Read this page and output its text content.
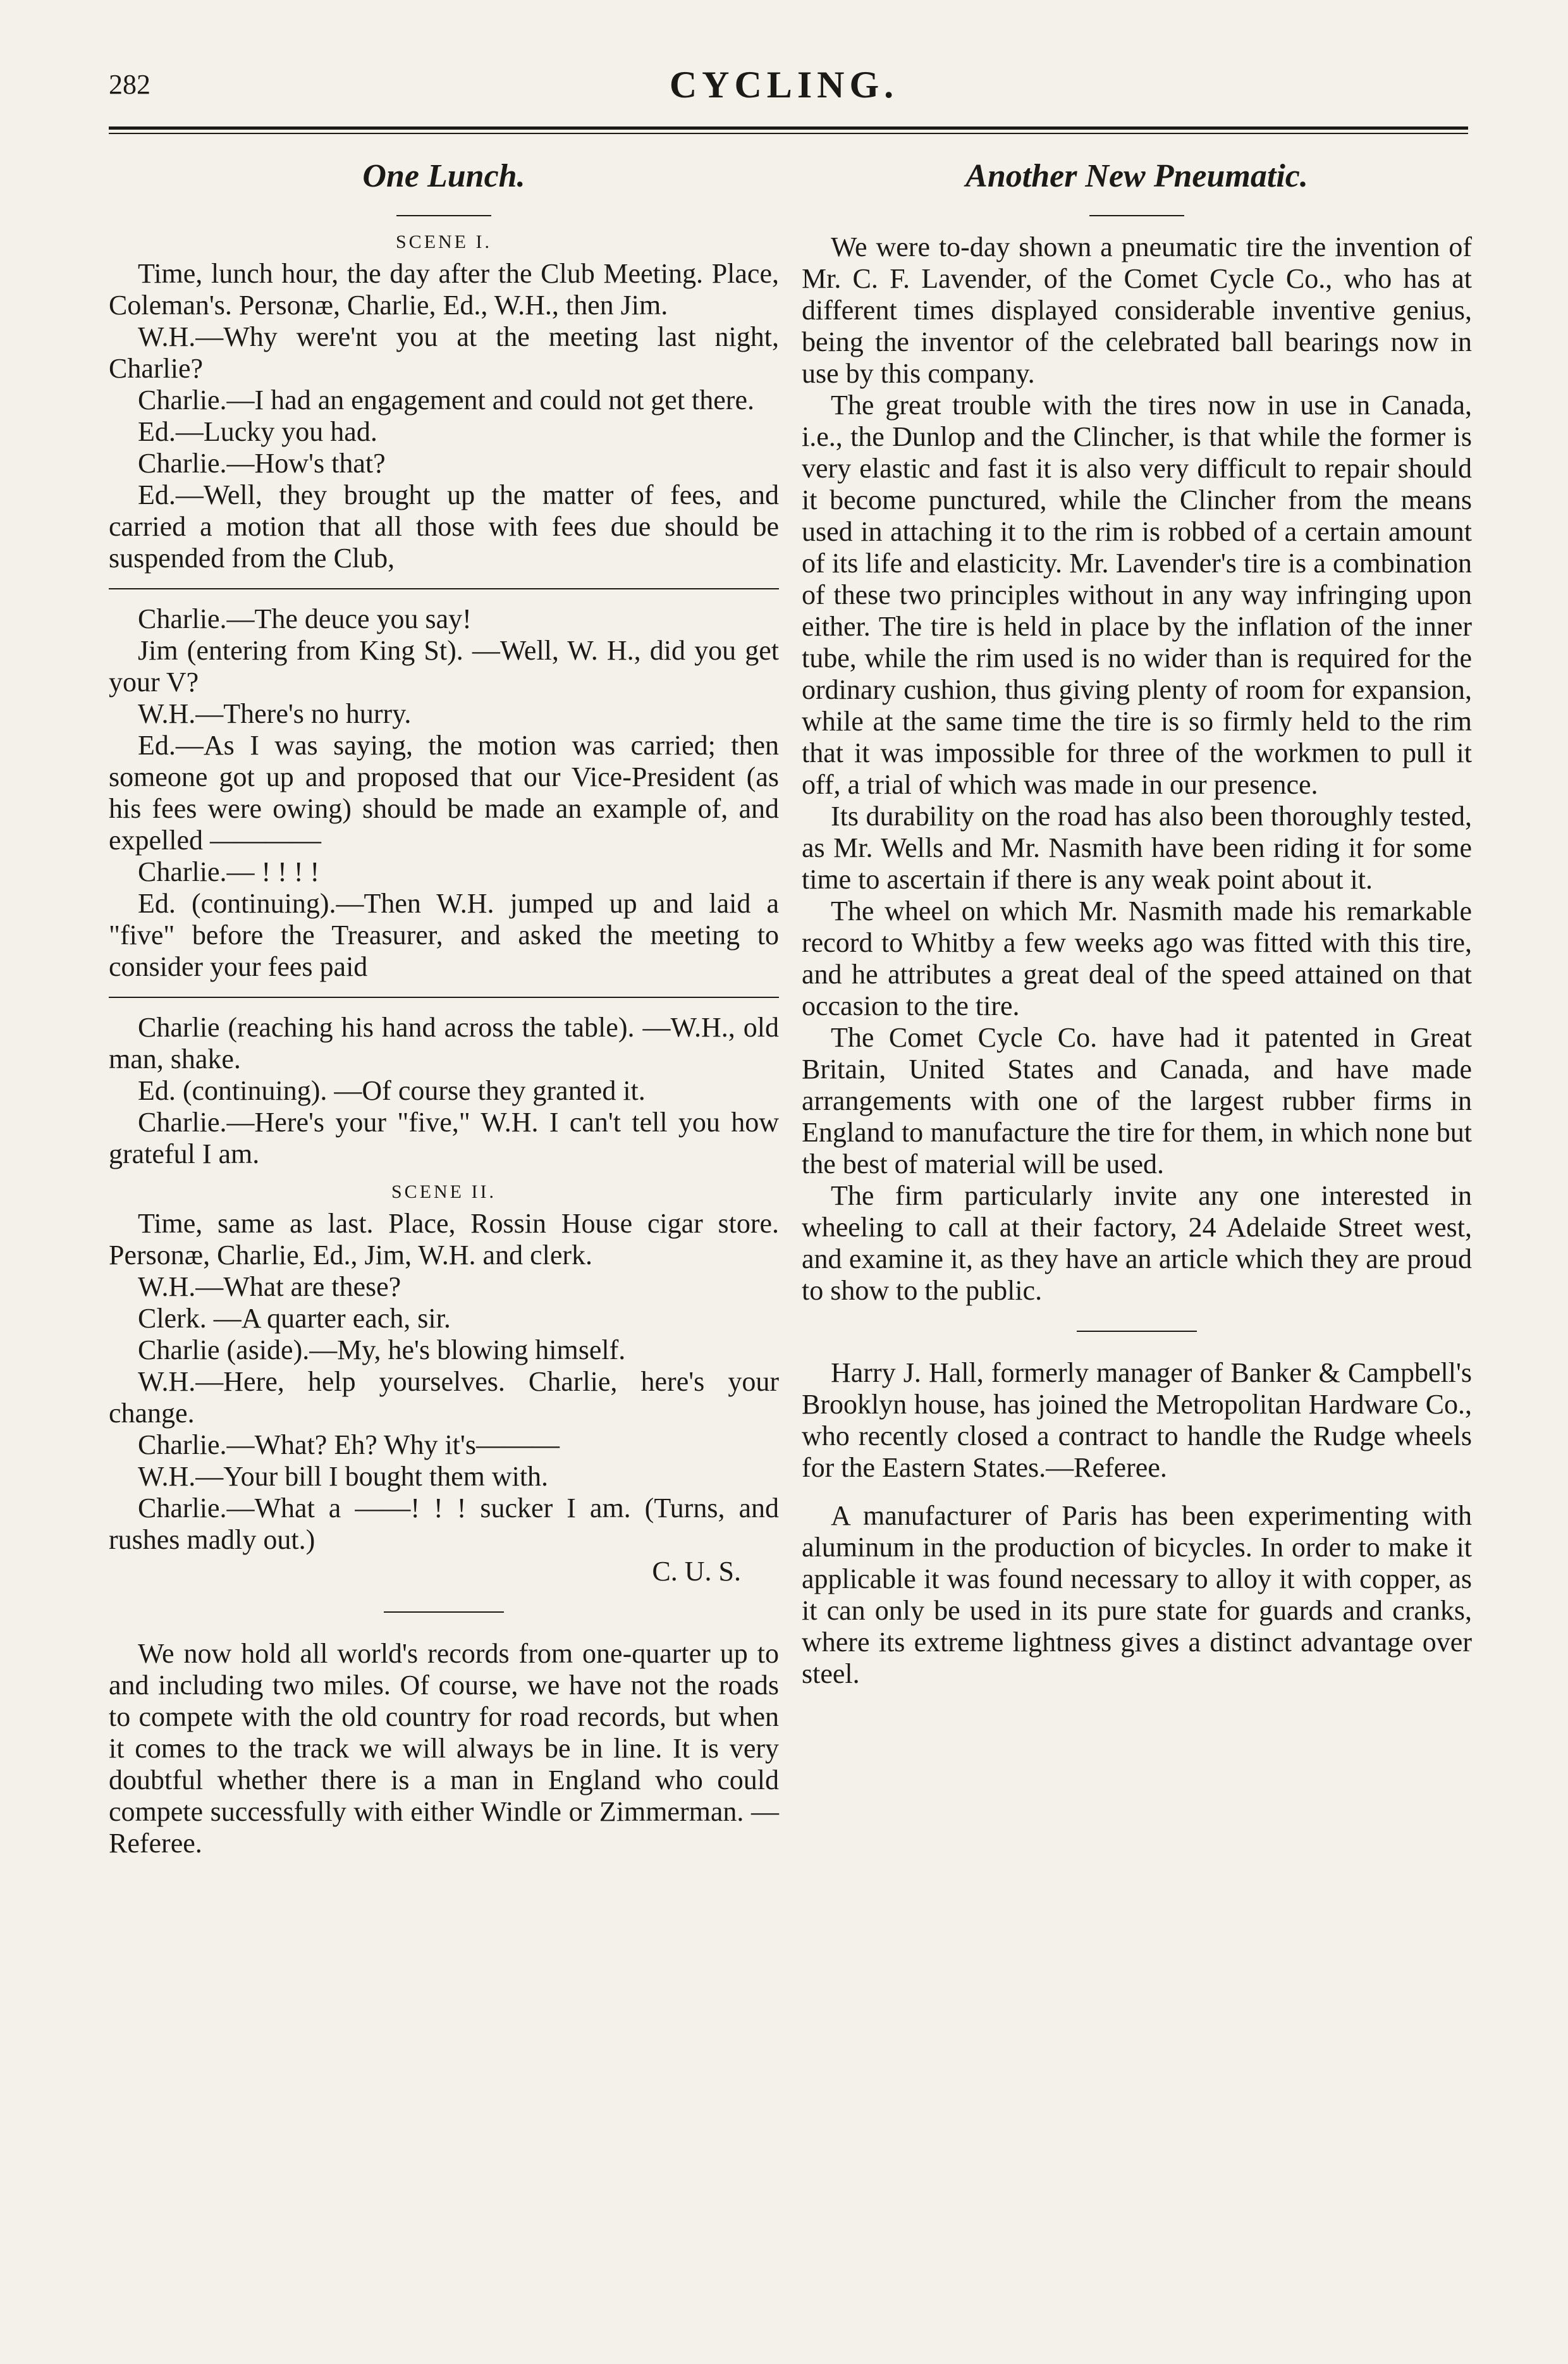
282	CYCLING.
One Lunch.
SCENE I.

Time, lunch hour, the day after the Club Meeting. Place, Coleman's. Personæ, Charlie, Ed., W.H., then Jim.

W.H.—Why were'nt you at the meeting last night, Charlie?

Charlie.—I had an engagement and could not get there.

Ed.—Lucky you had.

Charlie.—How's that?

Ed.—Well, they brought up the matter of fees, and carried a motion that all those with fees due should be suspended from the Club,

Charlie.—The deuce you say!

Jim (entering from King St). —Well, W. H., did you get your V?

W.H.—There's no hurry.

Ed.—As I was saying, the motion was carried; then someone got up and proposed that our Vice-President (as his fees were owing) should be made an example of, and expelled ————

Charlie.— ! ! ! !

Ed. (continuing).—Then W.H. jumped up and laid a "five" before the Treasurer, and asked the meeting to consider your fees paid

Charlie (reaching his hand across the table). —W.H., old man, shake.

Ed. (continuing). —Of course they granted it.

Charlie.—Here's your "five," W.H. I can't tell you how grateful I am.

SCENE II.

Time, same as last. Place, Rossin House cigar store. Personæ, Charlie, Ed., Jim, W.H. and clerk.

W.H.—What are these?

Clerk. —A quarter each, sir.

Charlie (aside).—My, he's blowing himself.

W.H.—Here, help yourselves. Charlie, here's your change.

Charlie.—What? Eh? Why it's———

W.H.—Your bill I bought them with.

Charlie.—What a ——! ! ! sucker I am. (Turns, and rushes madly out.)

C. U. S.

We now hold all world's records from one-quarter up to and including two miles. Of course, we have not the roads to compete with the old country for road records, but when it comes to the track we will always be in line. It is very doubtful whether there is a man in England who could compete successfully with either Windle or Zimmerman. —Referee.

Another New Pneumatic.

We were to-day shown a pneumatic tire the invention of Mr. C. F. Lavender, of the Comet Cycle Co., who has at different times displayed considerable inventive genius, being the inventor of the celebrated ball bearings now in use by this company.

The great trouble with the tires now in use in Canada, i.e., the Dunlop and the Clincher, is that while the former is very elastic and fast it is also very difficult to repair should it become punctured, while the Clincher from the means used in attaching it to the rim is robbed of a certain amount of its life and elasticity. Mr. Lavender's tire is a combination of these two principles without in any way infringing upon either. The tire is held in place by the inflation of the inner tube, while the rim used is no wider than is required for the ordinary cushion, thus giving plenty of room for expansion, while at the same time the tire is so firmly held to the rim that it was impossible for three of the workmen to pull it off, a trial of which was made in our presence.

Its durability on the road has also been thoroughly tested, as Mr. Wells and Mr. Nasmith have been riding it for some time to ascertain if there is any weak point about it.

The wheel on which Mr. Nasmith made his remarkable record to Whitby a few weeks ago was fitted with this tire, and he attributes a great deal of the speed attained on that occasion to the tire.

The Comet Cycle Co. have had it patented in Great Britain, United States and Canada, and have made arrangements with one of the largest rubber firms in England to manufacture the tire for them, in which none but the best of material will be used.

The firm particularly invite any one interested in wheeling to call at their factory, 24 Adelaide Street west, and examine it, as they have an article which they are proud to show to the public.

Harry J. Hall, formerly manager of Banker & Campbell's Brooklyn house, has joined the Metropolitan Hardware Co., who recently closed a contract to handle the Rudge wheels for the Eastern States.—Referee.

A manufacturer of Paris has been experimenting with aluminum in the production of bicycles. In order to make it applicable it was found necessary to alloy it with copper, as it can only be used in its pure state for guards and cranks, where its extreme lightness gives a distinct advantage over steel.
